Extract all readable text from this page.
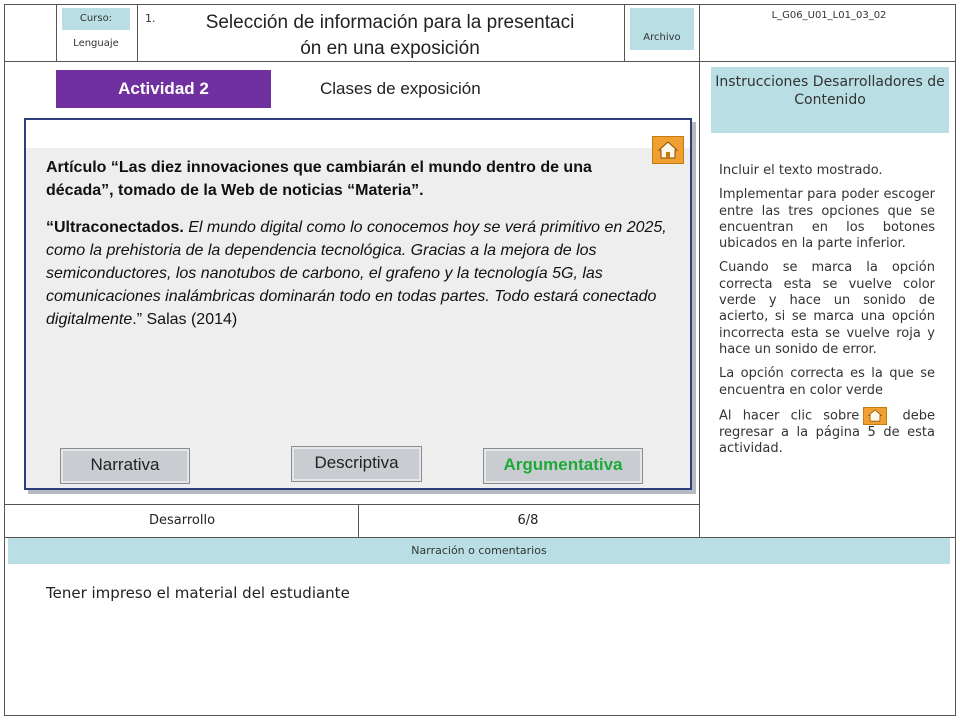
Curso:
Lenguaje
1.	Selección de información para la presentaci
ón en una exposición
Archivo
L_G06_U01_L01_03_02
Actividad 2	Clases de exposición

Artículo “Las diez innovaciones que cambiarán el mundo dentro de una
década”, tomado de la Web de noticias “Materia”.

“Ultraconectados. El mundo digital como lo conocemos hoy se verá primitivo en 2025, como la prehistoria de la dependencia tecnológica. Gracias a la mejora de los semiconductores, los nanotubos de carbono, el grafeno y la tecnología 5G, las comunicaciones inalámbricas dominarán todo en todas partes. Todo estará conectado digitalmente.” Salas (2014)

Narrativa	Descriptiva	Argumentativa
Instrucciones Desarrolladores de Contenido

Incluir el texto mostrado.

Implementar para poder escoger entre las tres opciones que se encuentran en los botones ubicados en la parte inferior.

Cuando se marca la opción correcta esta se vuelve color verde y hace un sonido de acierto, si se marca una opción incorrecta esta se vuelve roja y hace un sonido de error.

La opción correcta es la que se encuentra en color verde

Al hacer clic sobre
debe regresar a la página 5 de esta actividad.

Desarrollo	6/8
Narración o comentarios
Tener impreso el material del estudiante
